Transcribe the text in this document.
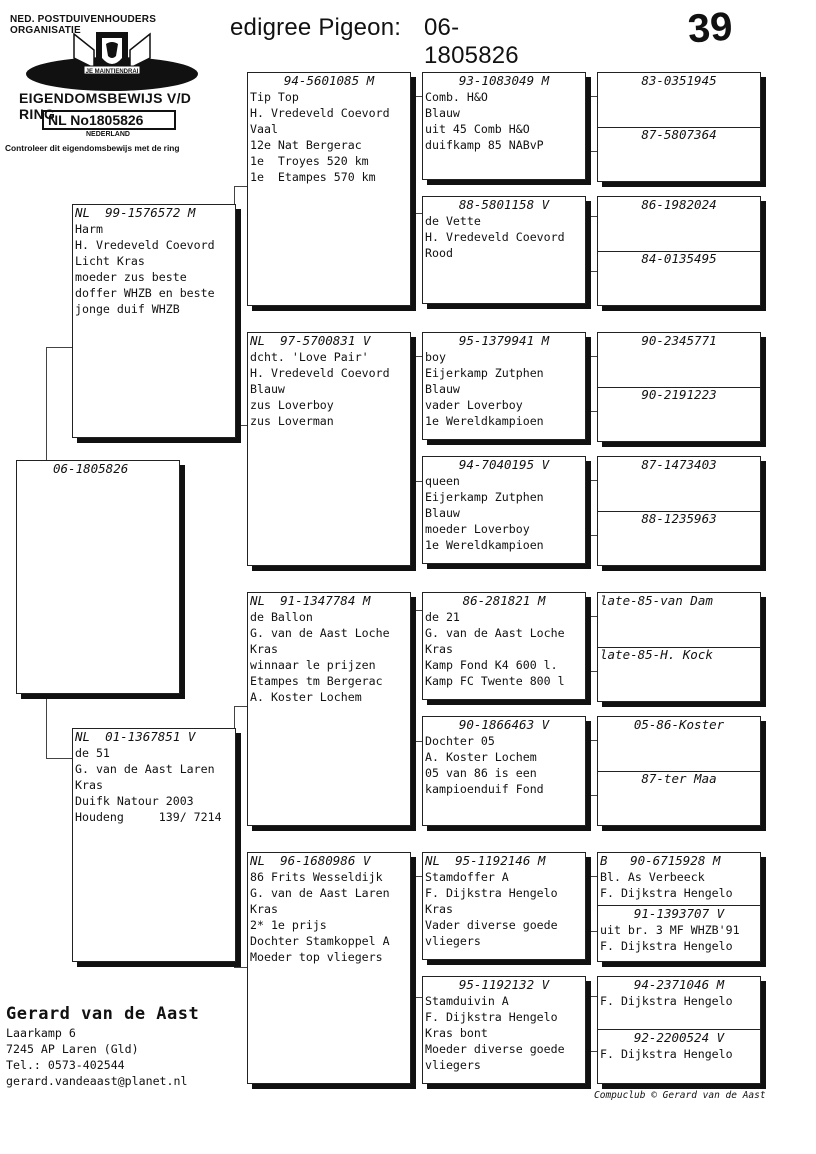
edigree Pigeon: 06-1805826
39
NED. POSTDUIVENHOUDERS ORGANISATIE
JE MAINTIENDRAI
EIGENDOMSBEWIJS V/D RING
NL No1805826
NEDERLAND
Controleer dit eigendomsbewijs met de ring
06-1805826
NL  99-1576572 M
Harm
H. Vredeveld Coevord
Licht Kras
moeder zus beste
doffer WHZB en beste
jonge duif WHZB
NL  01-1367851 V
de 51
G. van de Aast Laren
Kras
Duifk Natour 2003
Houdeng     139/ 7214
94-5601085 M
Tip Top
H. Vredeveld Coevord
Vaal
12e Nat Bergerac
1e  Troyes 520 km
1e  Etampes 570 km
NL  97-5700831 V
dcht. 'Love Pair'
H. Vredeveld Coevord
Blauw
zus Loverboy
zus Loverman
NL  91-1347784 M
de Ballon
G. van de Aast Loche
Kras
winnaar le prijzen
Etampes tm Bergerac
A. Koster Lochem
NL  96-1680986 V
86 Frits Wesseldijk
G. van de Aast Laren
Kras
2* 1e prijs
Dochter Stamkoppel A
Moeder top vliegers
93-1083049 M
Comb. H&O
Blauw
uit 45 Comb H&O
duifkamp 85 NABvP
88-5801158 V
de Vette
H. Vredeveld Coevord
Rood
95-1379941 M
boy
Eijerkamp Zutphen
Blauw
vader Loverboy
1e Wereldkampioen
94-7040195 V
queen
Eijerkamp Zutphen
Blauw
moeder Loverboy
1e Wereldkampioen
86-281821 M
de 21
G. van de Aast Loche
Kras
Kamp Fond K4 600 l.
Kamp FC Twente 800 l
90-1866463 V
Dochter 05
A. Koster Lochem
05 van 86 is een
kampioenduif Fond
NL  95-1192146 M
Stamdoffer A
F. Dijkstra Hengelo
Kras
Vader diverse goede
vliegers
95-1192132 V
Stamduivin A
F. Dijkstra Hengelo
Kras bont
Moeder diverse goede
vliegers
83-0351945
87-5807364
86-1982024
84-0135495
90-2345771
90-2191223
87-1473403
88-1235963
late-85-van Dam
late-85-H. Kock
05-86-Koster
87-ter Maa
B   90-6715928 M
Bl. As Verbeeck
F. Dijkstra Hengelo
91-1393707 V
uit br. 3 MF WHZB'91
F. Dijkstra Hengelo
94-2371046 M
F. Dijkstra Hengelo
92-2200524 V
F. Dijkstra Hengelo
Gerard van de Aast
Laarkamp 6
7245 AP Laren (Gld)
Tel.: 0573-402544
gerard.vandeaast@planet.nl
Compuclub © Gerard van de Aast
